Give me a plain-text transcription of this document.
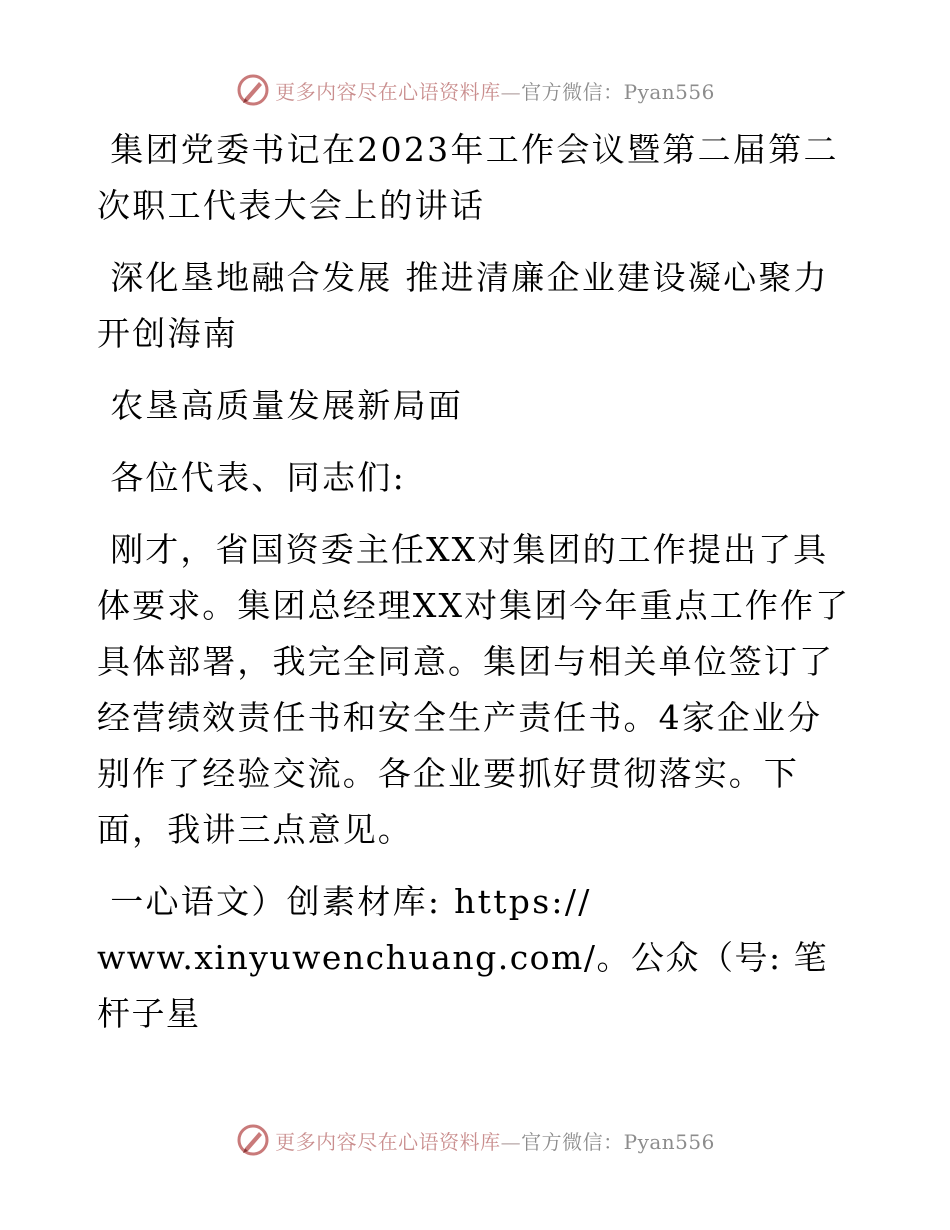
更多内容尽在心语资料库—官方微信：Pyan556

集团党委书记在2023年工作会议暨第二届第二次职工代表大会上的讲话

深化垦地融合发展 推进清廉企业建设凝心聚力开创海南

农垦高质量发展新局面

各位代表、同志们:

刚才，省国资委主任XX对集团的工作提出了具体要求。集团总经理XX对集团今年重点工作作了具体部署，我完全同意。集团与相关单位签订了经营绩效责任书和安全生产责任书。4家企业分别作了经验交流。各企业要抓好贯彻落实。下面，我讲三点意见。

一心语文）创素材库: https://

www.xinyuwenchuang.com/。公众（号: 笔杆子星

更多内容尽在心语资料库—官方微信：Pyan556
